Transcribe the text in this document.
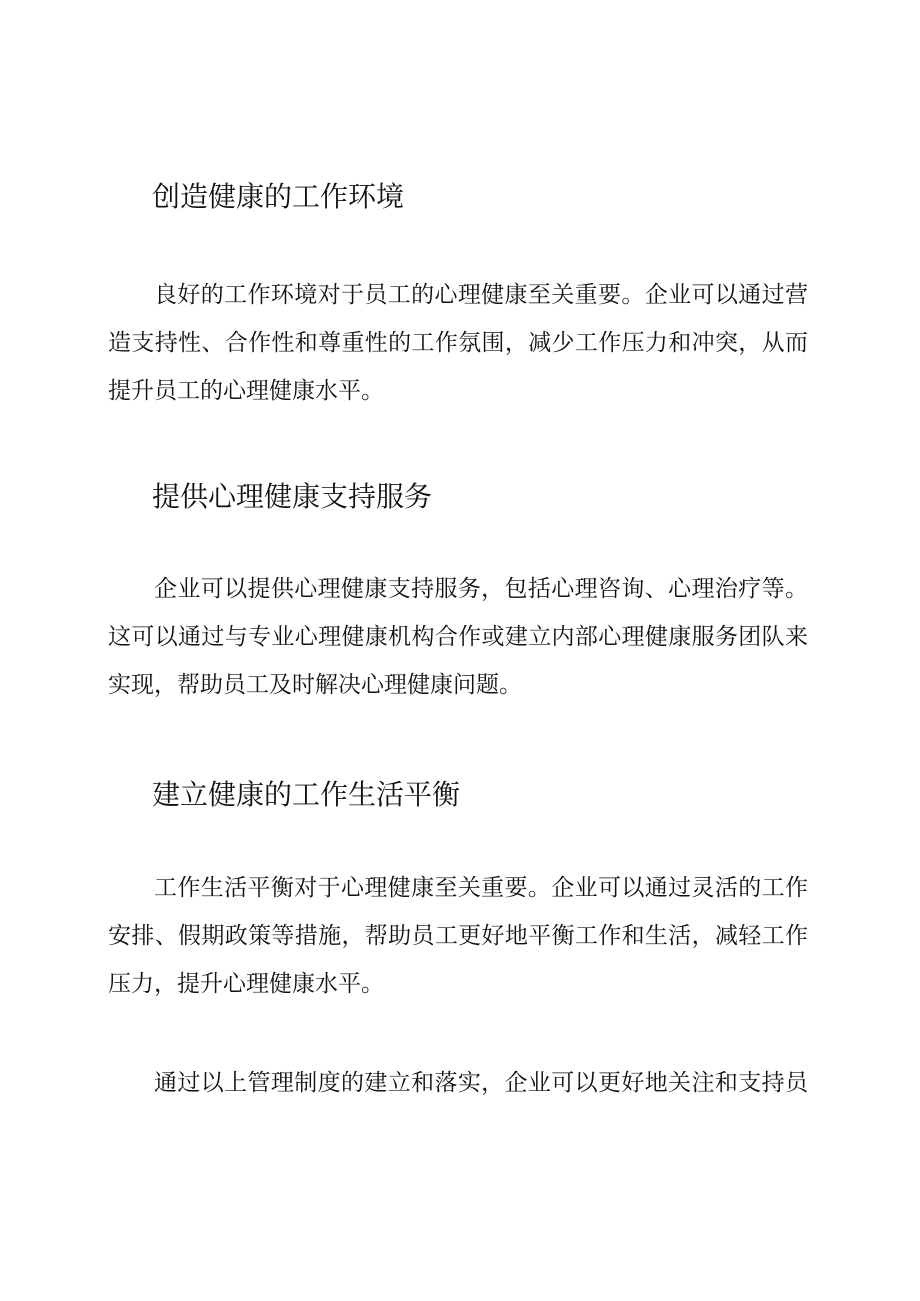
创造健康的工作环境
良好的工作环境对于员工的心理健康至关重要。企业可以通过营
造支持性、合作性和尊重性的工作氛围，减少工作压力和冲突，从而
提升员工的心理健康水平。
提供心理健康支持服务
企业可以提供心理健康支持服务，包括心理咨询、心理治疗等。
这可以通过与专业心理健康机构合作或建立内部心理健康服务团队来
实现，帮助员工及时解决心理健康问题。
建立健康的工作生活平衡
工作生活平衡对于心理健康至关重要。企业可以通过灵活的工作
安排、假期政策等措施，帮助员工更好地平衡工作和生活，减轻工作
压力，提升心理健康水平。
通过以上管理制度的建立和落实，企业可以更好地关注和支持员
